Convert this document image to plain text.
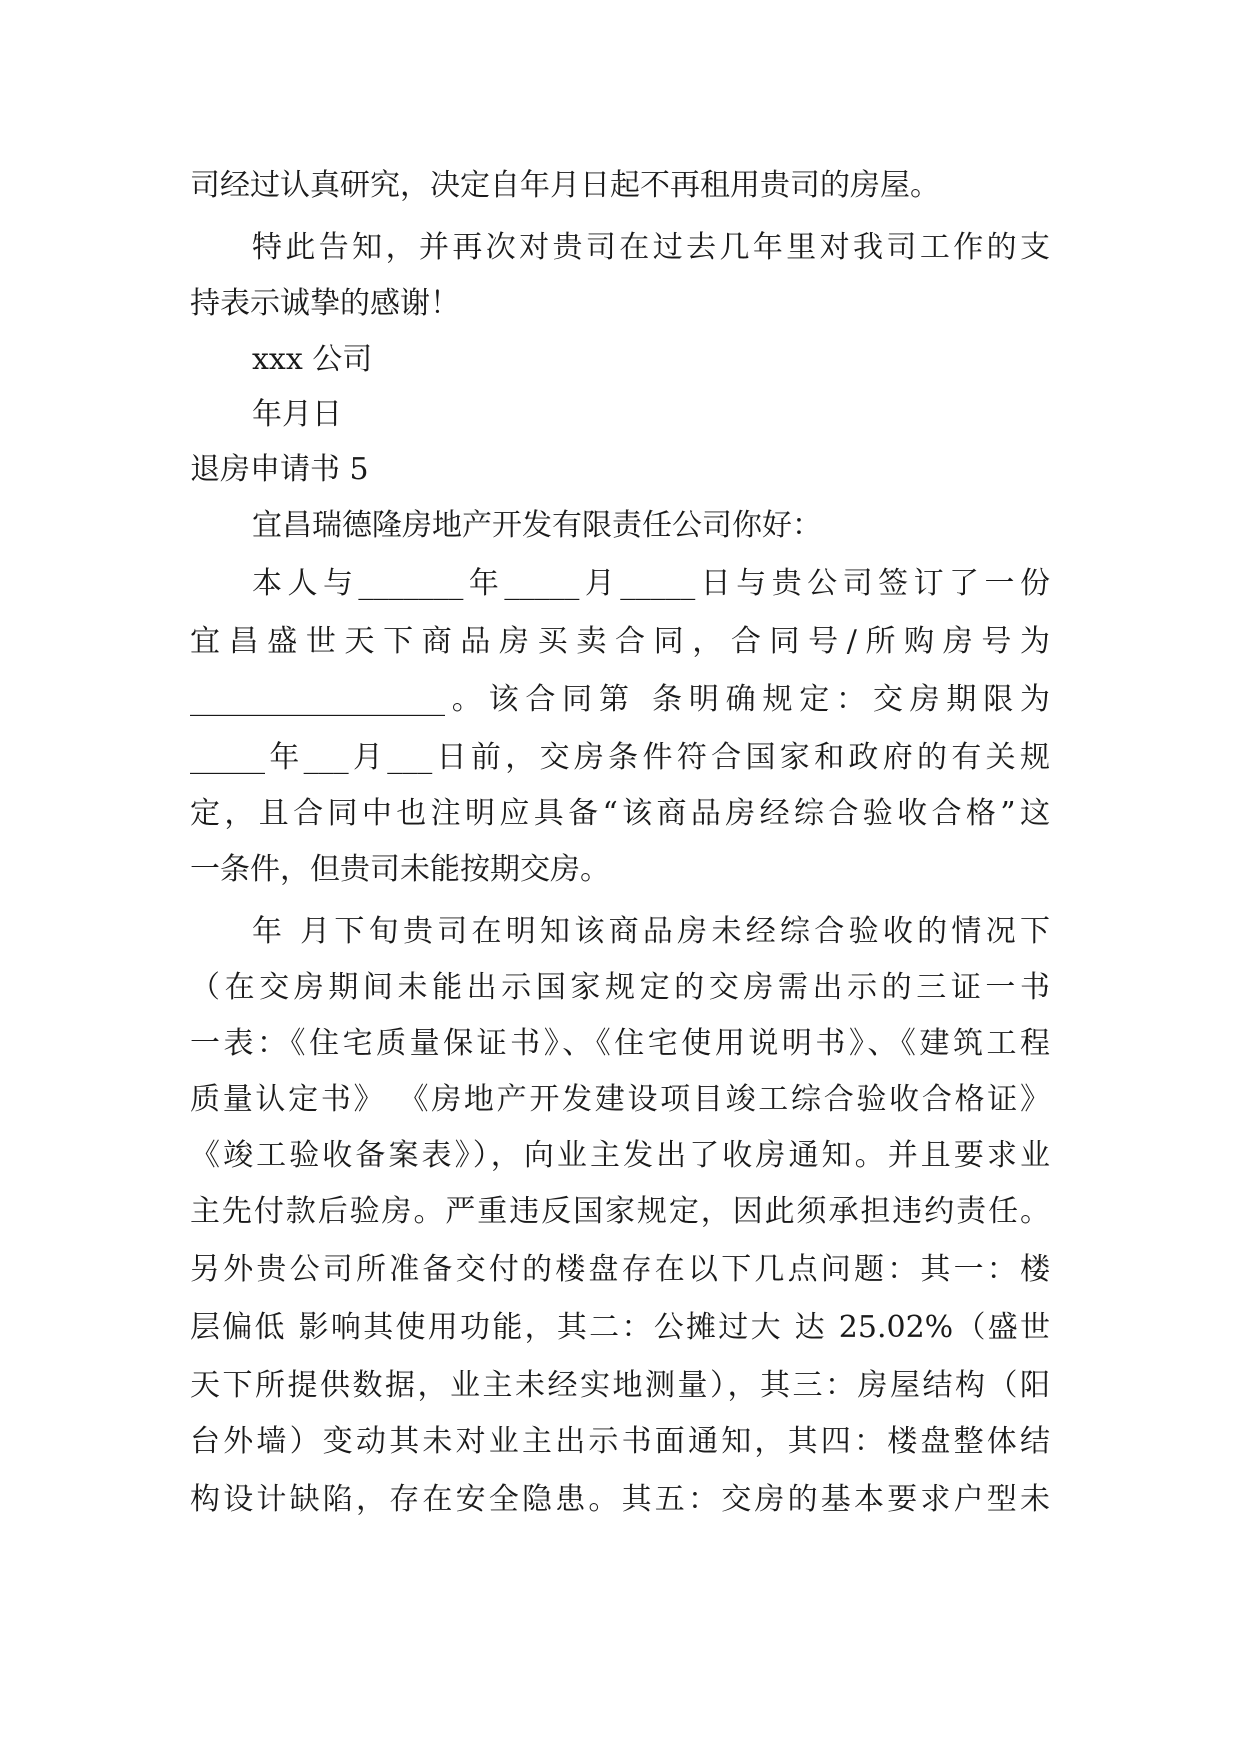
司经过认真研究，决定自年月日起不再租用贵司的房屋。
特此告知，并再次对贵司在过去几年里对我司工作的支
持表示诚挚的感谢！
xxx 公司
年月日
退房申请书 5
宜昌瑞德隆房地产开发有限责任公司你好：
本人与_______年_____月_____日与贵公司签订了一份
宜昌盛世天下商品房买卖合同，合同号/所购房号为
_________________。该合同第 条明确规定：交房期限为
_____年___月___日前，交房条件符合国家和政府的有关规
定，且合同中也注明应具备“该商品房经综合验收合格”这
一条件，但贵司未能按期交房。
年 月下旬贵司在明知该商品房未经综合验收的情况下
（在交房期间未能出示国家规定的交房需出示的三证一书
一表：《住宅质量保证书》、《住宅使用说明书》、《建筑工程
质量认定书》 《房地产开发建设项目竣工综合验收合格证》
《竣工验收备案表》），向业主发出了收房通知。并且要求业
主先付款后验房。严重违反国家规定，因此须承担违约责任。
另外贵公司所准备交付的楼盘存在以下几点问题：其一：楼
层偏低 影响其使用功能，其二：公摊过大 达 25.02%（盛世
天下所提供数据，业主未经实地测量），其三：房屋结构（阳
台外墙）变动其未对业主出示书面通知，其四：楼盘整体结
构设计缺陷，存在安全隐患。其五：交房的基本要求户型未
